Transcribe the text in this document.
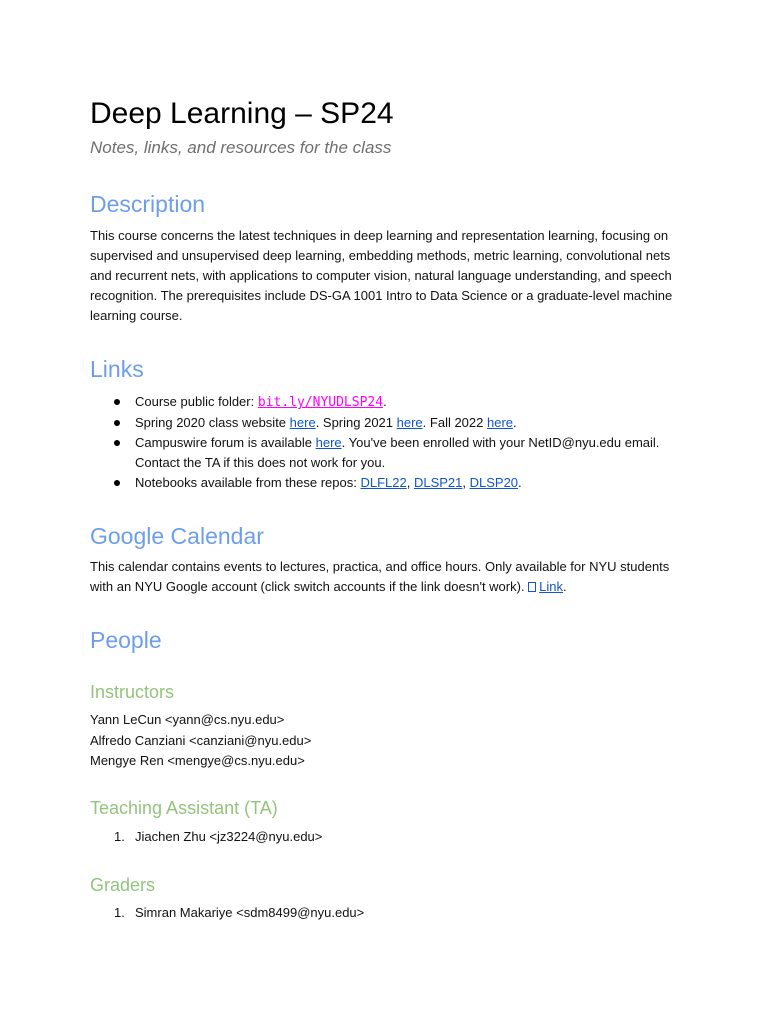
Deep Learning – SP24
Notes, links, and resources for the class
Description
This course concerns the latest techniques in deep learning and representation learning, focusing on supervised and unsupervised deep learning, embedding methods, metric learning, convolutional nets and recurrent nets, with applications to computer vision, natural language understanding, and speech recognition. The prerequisites include DS-GA 1001 Intro to Data Science or a graduate-level machine learning course.
Links
Course public folder: bit.ly/NYUDLSP24.
Spring 2020 class website here. Spring 2021 here. Fall 2022 here.
Campuswire forum is available here. You've been enrolled with your NetID@nyu.edu email. Contact the TA if this does not work for you.
Notebooks available from these repos: DLFL22, DLSP21, DLSP20.
Google Calendar
This calendar contains events to lectures, practica, and office hours. Only available for NYU students with an NYU Google account (click switch accounts if the link doesn't work). Link.
People
Instructors
Yann LeCun <yann@cs.nyu.edu>
Alfredo Canziani <canziani@nyu.edu>
Mengye Ren <mengye@cs.nyu.edu>
Teaching Assistant (TA)
1. Jiachen Zhu <jz3224@nyu.edu>
Graders
1. Simran Makariye <sdm8499@nyu.edu>
